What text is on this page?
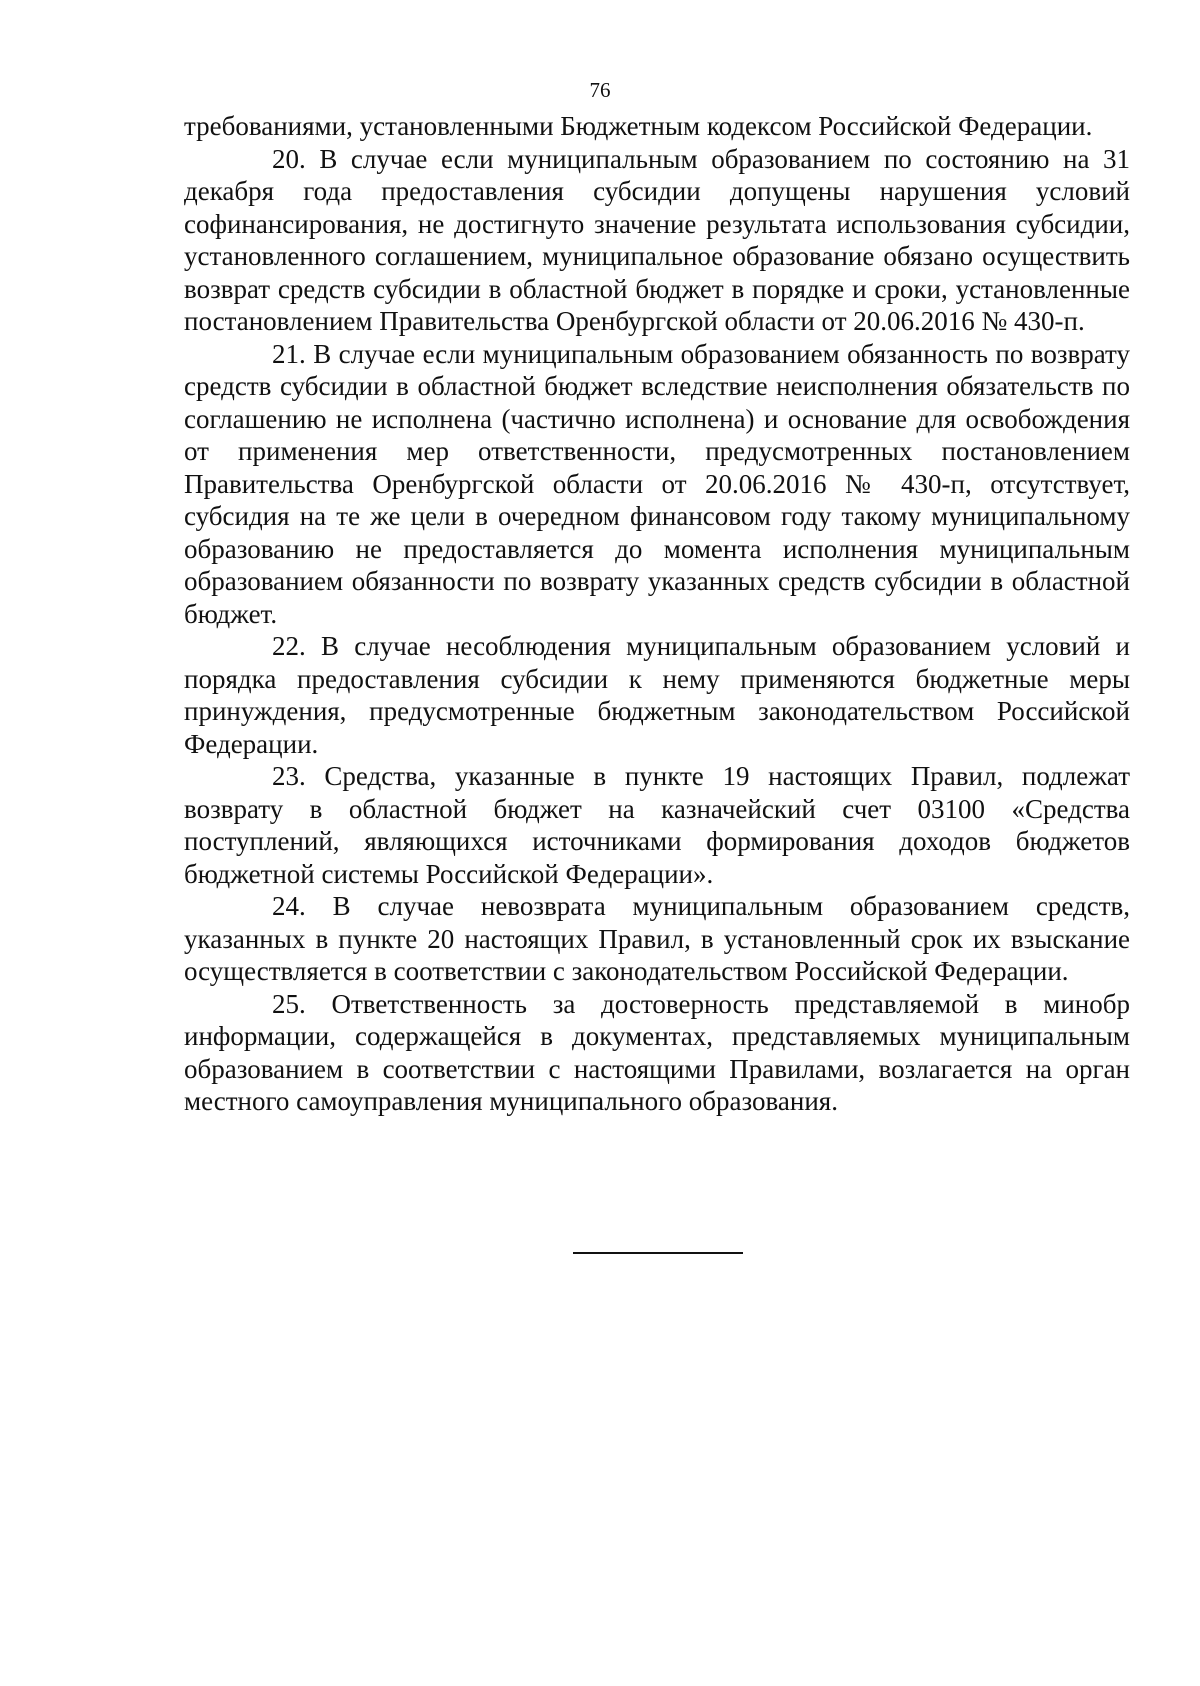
76

требованиями, установленными Бюджетным кодексом Российской Федерации.

20. В случае если муниципальным образованием по состоянию на 31 декабря года предоставления субсидии допущены нарушения условий софинансирования, не достигнуто значение результата использования субсидии, установленного соглашением, муниципальное образование обязано осуществить возврат средств субсидии в областной бюджет в порядке и сроки, установленные постановлением Правительства Оренбургской области от 20.06.2016 № 430-п.

21. В случае если муниципальным образованием обязанность по возврату средств субсидии в областной бюджет вследствие неисполнения обязательств по соглашению не исполнена (частично исполнена) и основание для освобождения от применения мер ответственности, предусмотренных постановлением Правительства Оренбургской области от 20.06.2016 № 430-п, отсутствует, субсидия на те же цели в очередном финансовом году такому муниципальному образованию не предоставляется до момента исполнения муниципальным образованием обязанности по возврату указанных средств субсидии в областной бюджет.

22. В случае несоблюдения муниципальным образованием условий и порядка предоставления субсидии к нему применяются бюджетные меры принуждения, предусмотренные бюджетным законодательством Российской Федерации.

23. Средства, указанные в пункте 19 настоящих Правил, подлежат возврату в областной бюджет на казначейский счет 03100 «Средства поступлений, являющихся источниками формирования доходов бюджетов бюджетной системы Российской Федерации».

24. В случае невозврата муниципальным образованием средств, указанных в пункте 20 настоящих Правил, в установленный срок их взыскание осуществляется в соответствии с законодательством Российской Федерации.

25. Ответственность за достоверность представляемой в минобр информации, содержащейся в документах, представляемых муниципальным образованием в соответствии с настоящими Правилами, возлагается на орган местного самоуправления муниципального образования.
